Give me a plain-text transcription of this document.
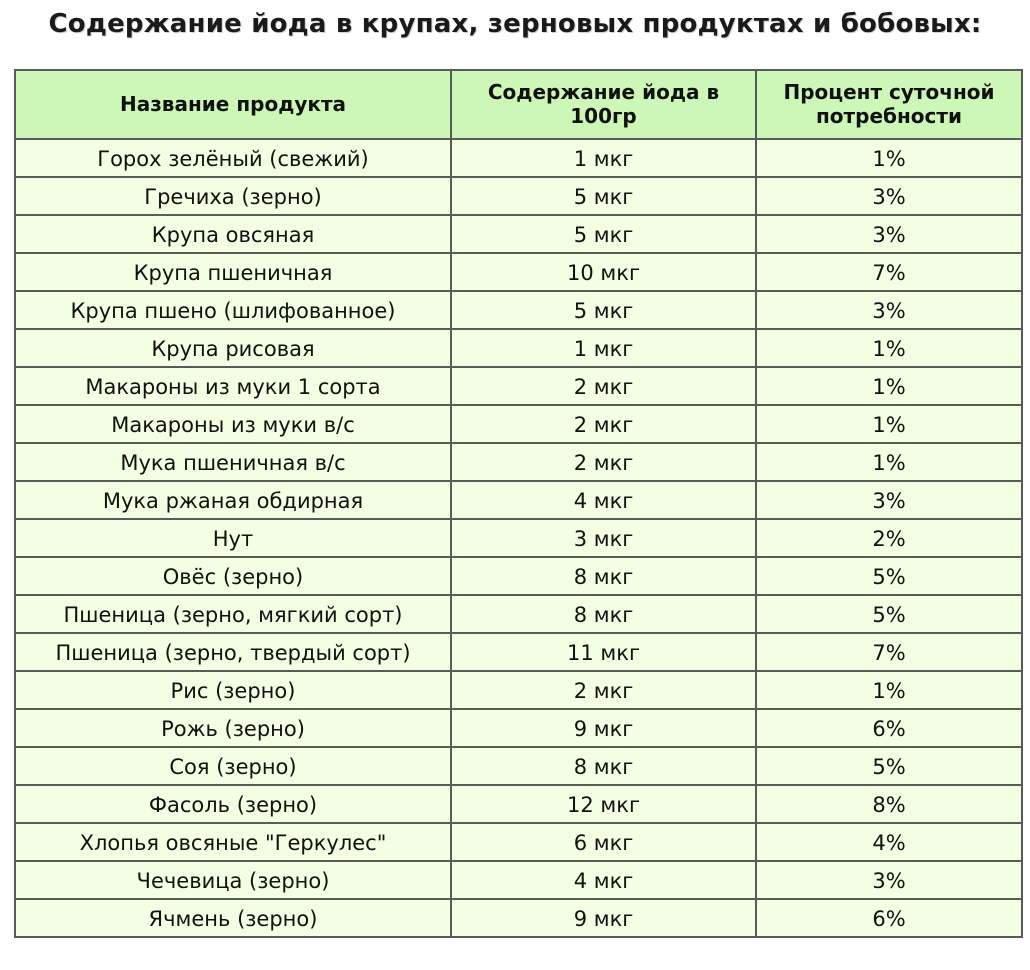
Содержание йода в крупах, зерновых продуктах и бобовых:
Название продукта	Содержание йода в 100гр	Процент суточной потребности
Горох зелёный (свежий)	1 мкг	1%
Гречиха (зерно)	5 мкг	3%
Крупа овсяная	5 мкг	3%
Крупа пшеничная	10 мкг	7%
Крупа пшено (шлифованное)	5 мкг	3%
Крупа рисовая	1 мкг	1%
Макароны из муки 1 сорта	2 мкг	1%
Макароны из муки в/с	2 мкг	1%
Мука пшеничная в/с	2 мкг	1%
Мука ржаная обдирная	4 мкг	3%
Нут	3 мкг	2%
Овёс (зерно)	8 мкг	5%
Пшеница (зерно, мягкий сорт)	8 мкг	5%
Пшеница (зерно, твердый сорт)	11 мкг	7%
Рис (зерно)	2 мкг	1%
Рожь (зерно)	9 мкг	6%
Соя (зерно)	8 мкг	5%
Фасоль (зерно)	12 мкг	8%
Хлопья овсяные "Геркулес"	6 мкг	4%
Чечевица (зерно)	4 мкг	3%
Ячмень (зерно)	9 мкг	6%
